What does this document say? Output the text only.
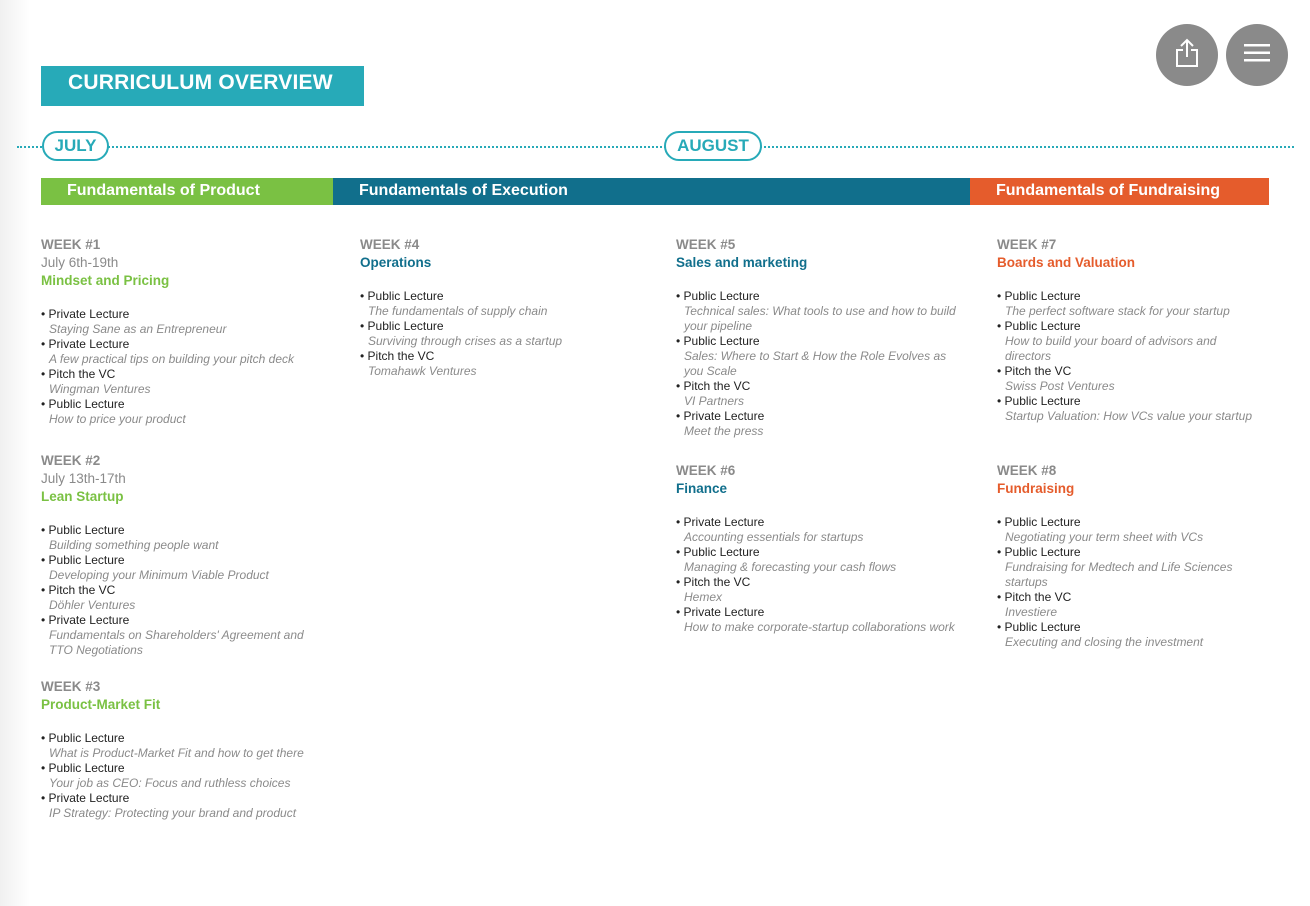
CURRICULUM OVERVIEW
JULY	AUGUST
Fundamentals of Product	Fundamentals of Execution	Fundamentals of Fundraising
WEEK #1
July 6th-19th
Mindset and Pricing
• Private Lecture
Staying Sane as an Entrepreneur
• Private Lecture
A few practical tips on building your pitch deck
• Pitch the VC
Wingman Ventures
• Public Lecture
How to price your product
WEEK #2
July 13th-17th
Lean Startup
• Public Lecture
Building something people want
• Public Lecture
Developing your Minimum Viable Product
• Pitch the VC
Döhler Ventures
• Private Lecture
Fundamentals on Shareholders' Agreement and TTO Negotiations
WEEK #3
Product-Market Fit
• Public Lecture
What is Product-Market Fit and how to get there
• Public Lecture
Your job as CEO: Focus and ruthless choices
• Private Lecture
IP Strategy: Protecting your brand and product
WEEK #4
Operations
• Public Lecture
The fundamentals of supply chain
• Public Lecture
Surviving through crises as a startup
• Pitch the VC
Tomahawk Ventures
WEEK #5
Sales and marketing
• Public Lecture
Technical sales: What tools to use and how to build your pipeline
• Public Lecture
Sales: Where to Start & How the Role Evolves as you Scale
• Pitch the VC
VI Partners
• Private Lecture
Meet the press
WEEK #6
Finance
• Private Lecture
Accounting essentials for startups
• Public Lecture
Managing & forecasting your cash flows
• Pitch the VC
Hemex
• Private Lecture
How to make corporate-startup collaborations work
WEEK #7
Boards and Valuation
• Public Lecture
The perfect software stack for your startup
• Public Lecture
How to build your board of advisors and directors
• Pitch the VC
Swiss Post Ventures
• Public Lecture
Startup Valuation: How VCs value your startup
WEEK #8
Fundraising
• Public Lecture
Negotiating your term sheet with VCs
• Public Lecture
Fundraising for Medtech and Life Sciences startups
• Pitch the VC
Investiere
• Public Lecture
Executing and closing the investment
